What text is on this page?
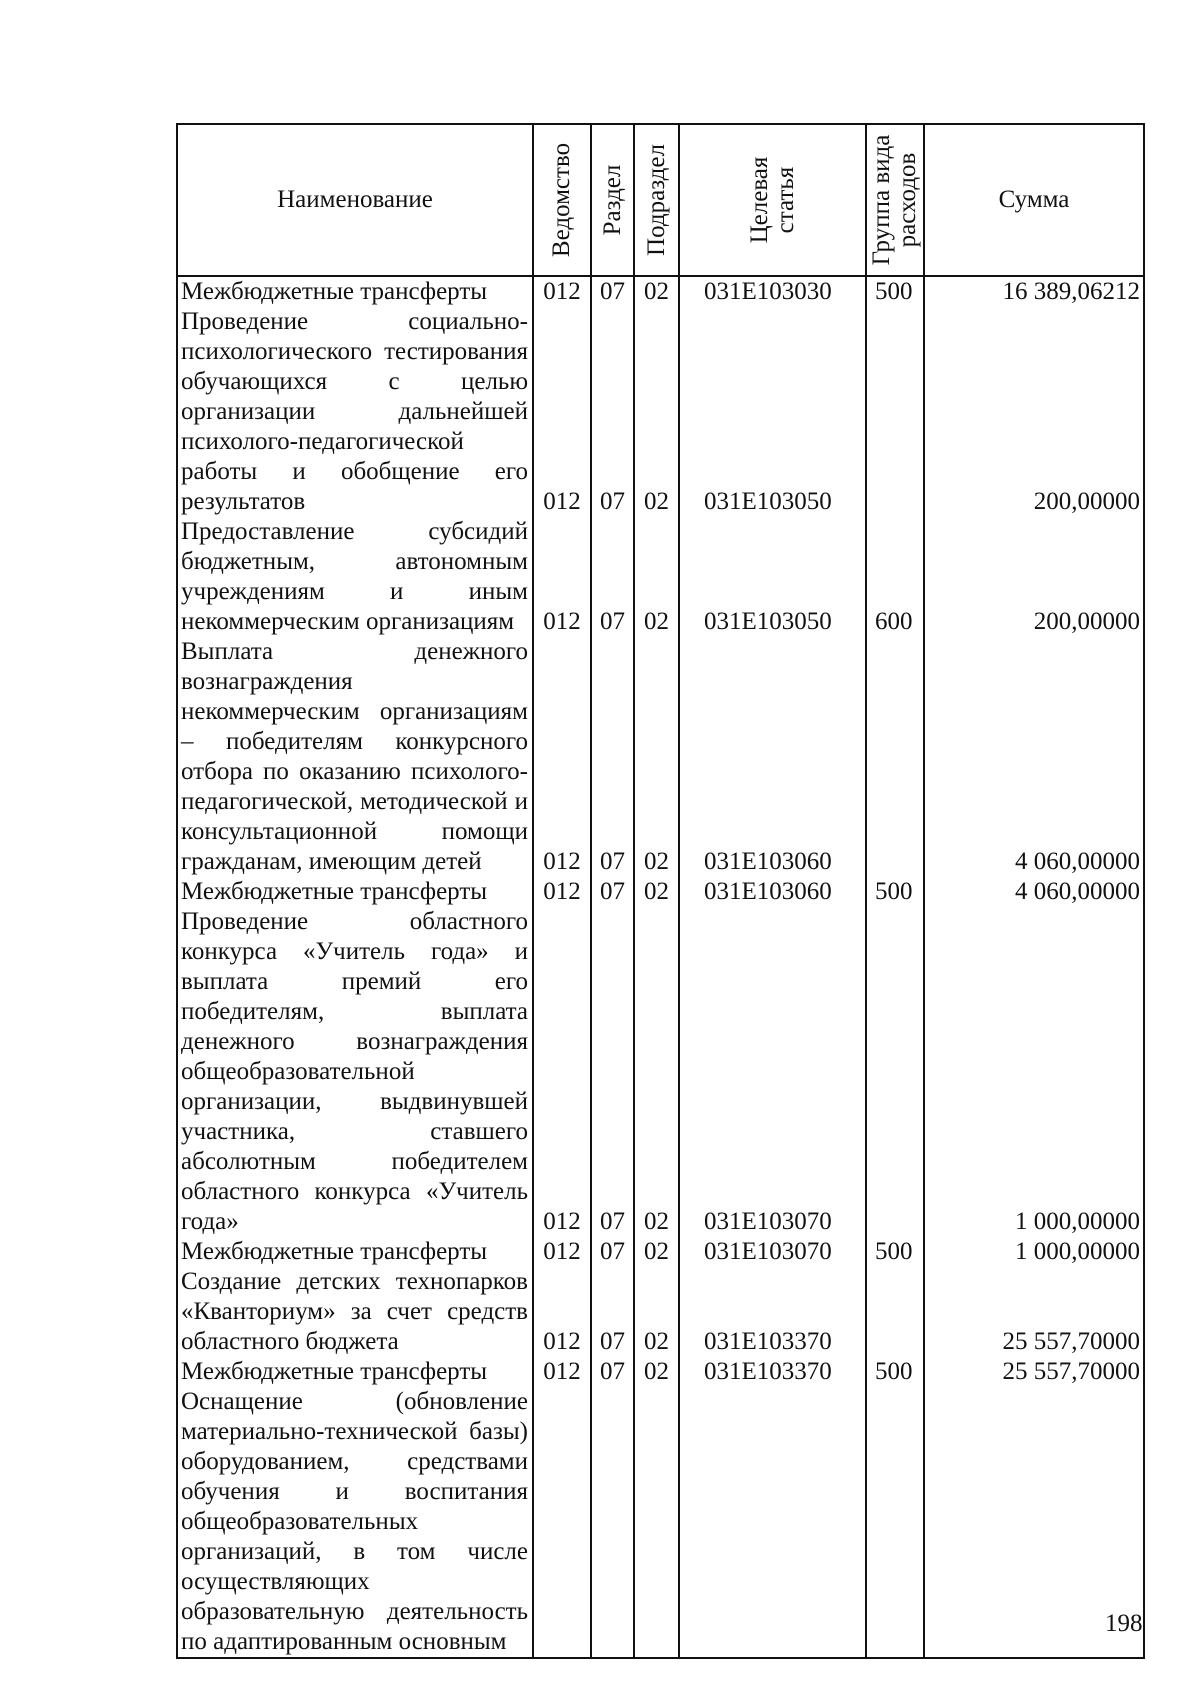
Наименование	Ведомство	Раздел	Подраздел	Целевая статья	Группа вида расходов	Сумма
Межбюджетные трансферты	012	07	02	031Е103030	500	16 389,06212
Проведение социально-психологического тестирования обучающихся с целью организации дальнейшей психолого-педагогической работы и обобщение его результатов	012	07	02	031Е103050		200,00000
Предоставление субсидий бюджетным, автономным учреждениям и иным некоммерческим организациям	012	07	02	031Е103050	600	200,00000
Выплата денежного вознаграждения некоммерческим организациям – победителям конкурсного отбора по оказанию психолого-педагогической, методической и консультационной помощи гражданам, имеющим детей	012	07	02	031Е103060		4 060,00000
Межбюджетные трансферты	012	07	02	031Е103060	500	4 060,00000
Проведение областного конкурса «Учитель года» и выплата премий его победителям, выплата денежного вознаграждения общеобразовательной организации, выдвинувшей участника, ставшего абсолютным победителем областного конкурса «Учитель года»	012	07	02	031Е103070		1 000,00000
Межбюджетные трансферты	012	07	02	031Е103070	500	1 000,00000
Создание детских технопарков «Кванториум» за счет средств областного бюджета	012	07	02	031Е103370		25 557,70000
Межбюджетные трансферты	012	07	02	031Е103370	500	25 557,70000
Оснащение (обновление материально-технической базы) оборудованием, средствами обучения и воспитания общеобразовательных организаций, в том числе осуществляющих образовательную деятельность по адаптированным основным						
198
